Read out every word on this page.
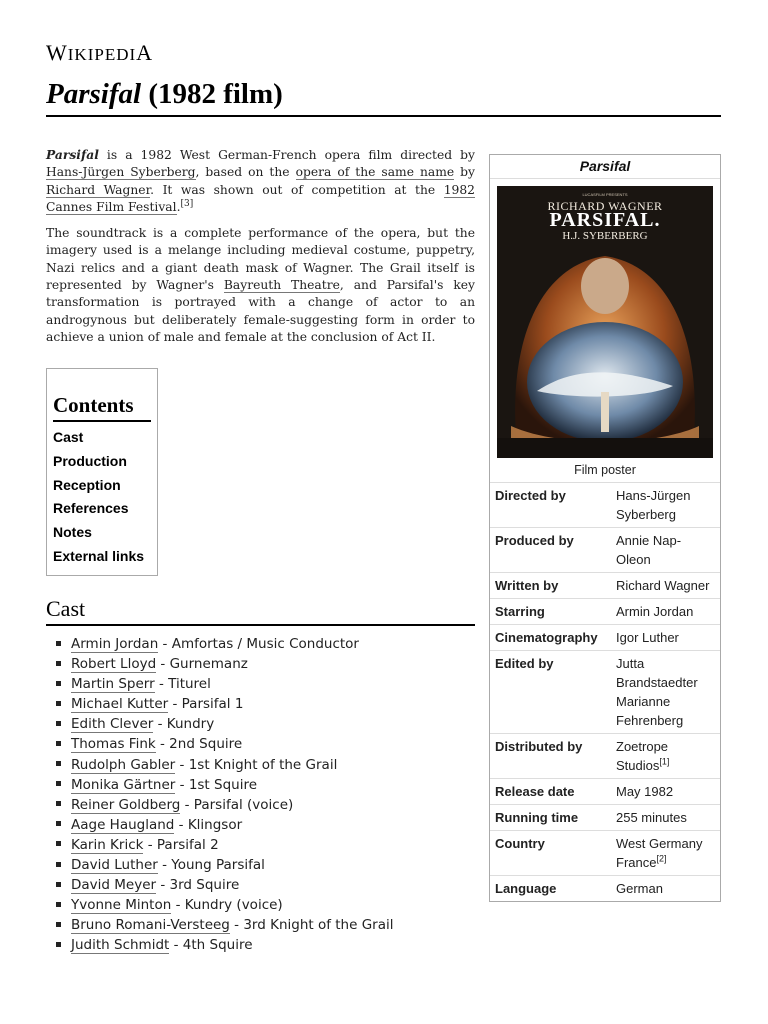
WIKIPEDIA
Parsifal (1982 film)

Parsifal is a 1982 West German-French opera film directed by Hans-Jürgen Syberberg, based on the opera of the same name by Richard Wagner. It was shown out of competition at the 1982 Cannes Film Festival.[3]

The soundtrack is a complete performance of the opera, but the imagery used is a melange including medieval costume, puppetry, Nazi relics and a giant death mask of Wagner. The Grail itself is represented by Wagner's Bayreuth Theatre, and Parsifal's key transformation is portrayed with a change of actor to an androgynous but deliberately female-suggesting form in order to achieve a union of male and female at the conclusion of Act II.

Contents
Cast
Production
Reception
References
Notes
External links
Cast
Armin Jordan - Amfortas / Music Conductor
Robert Lloyd - Gurnemanz
Martin Sperr - Titurel
Michael Kutter - Parsifal 1
Edith Clever - Kundry
Thomas Fink - 2nd Squire
Rudolph Gabler - 1st Knight of the Grail
Monika Gärtner - 1st Squire
Reiner Goldberg - Parsifal (voice)
Aage Haugland - Klingsor
Karin Krick - Parsifal 2
David Luther - Young Parsifal
David Meyer - 3rd Squire
Yvonne Minton - Kundry (voice)
Bruno Romani-Versteeg - 3rd Knight of the Grail
Judith Schmidt - 4th Squire
Parsifal
LUCASFILM PRESENTS
RICHARD WAGNER
PARSIFAL.
H.J. SYBERBERG
Film poster
Directed by	Hans-Jürgen
Syberberg
Produced by	Annie Nap-
Oleon
Written by	Richard Wagner
Starring	Armin Jordan
Cinematography	Igor Luther
Edited by	Jutta
Brandstaedter
Marianne
Fehrenberg
Distributed by	Zoetrope
Studios[1]
Release date	May 1982
Running time	255 minutes
Country	West Germany
France[2]
Language	German
